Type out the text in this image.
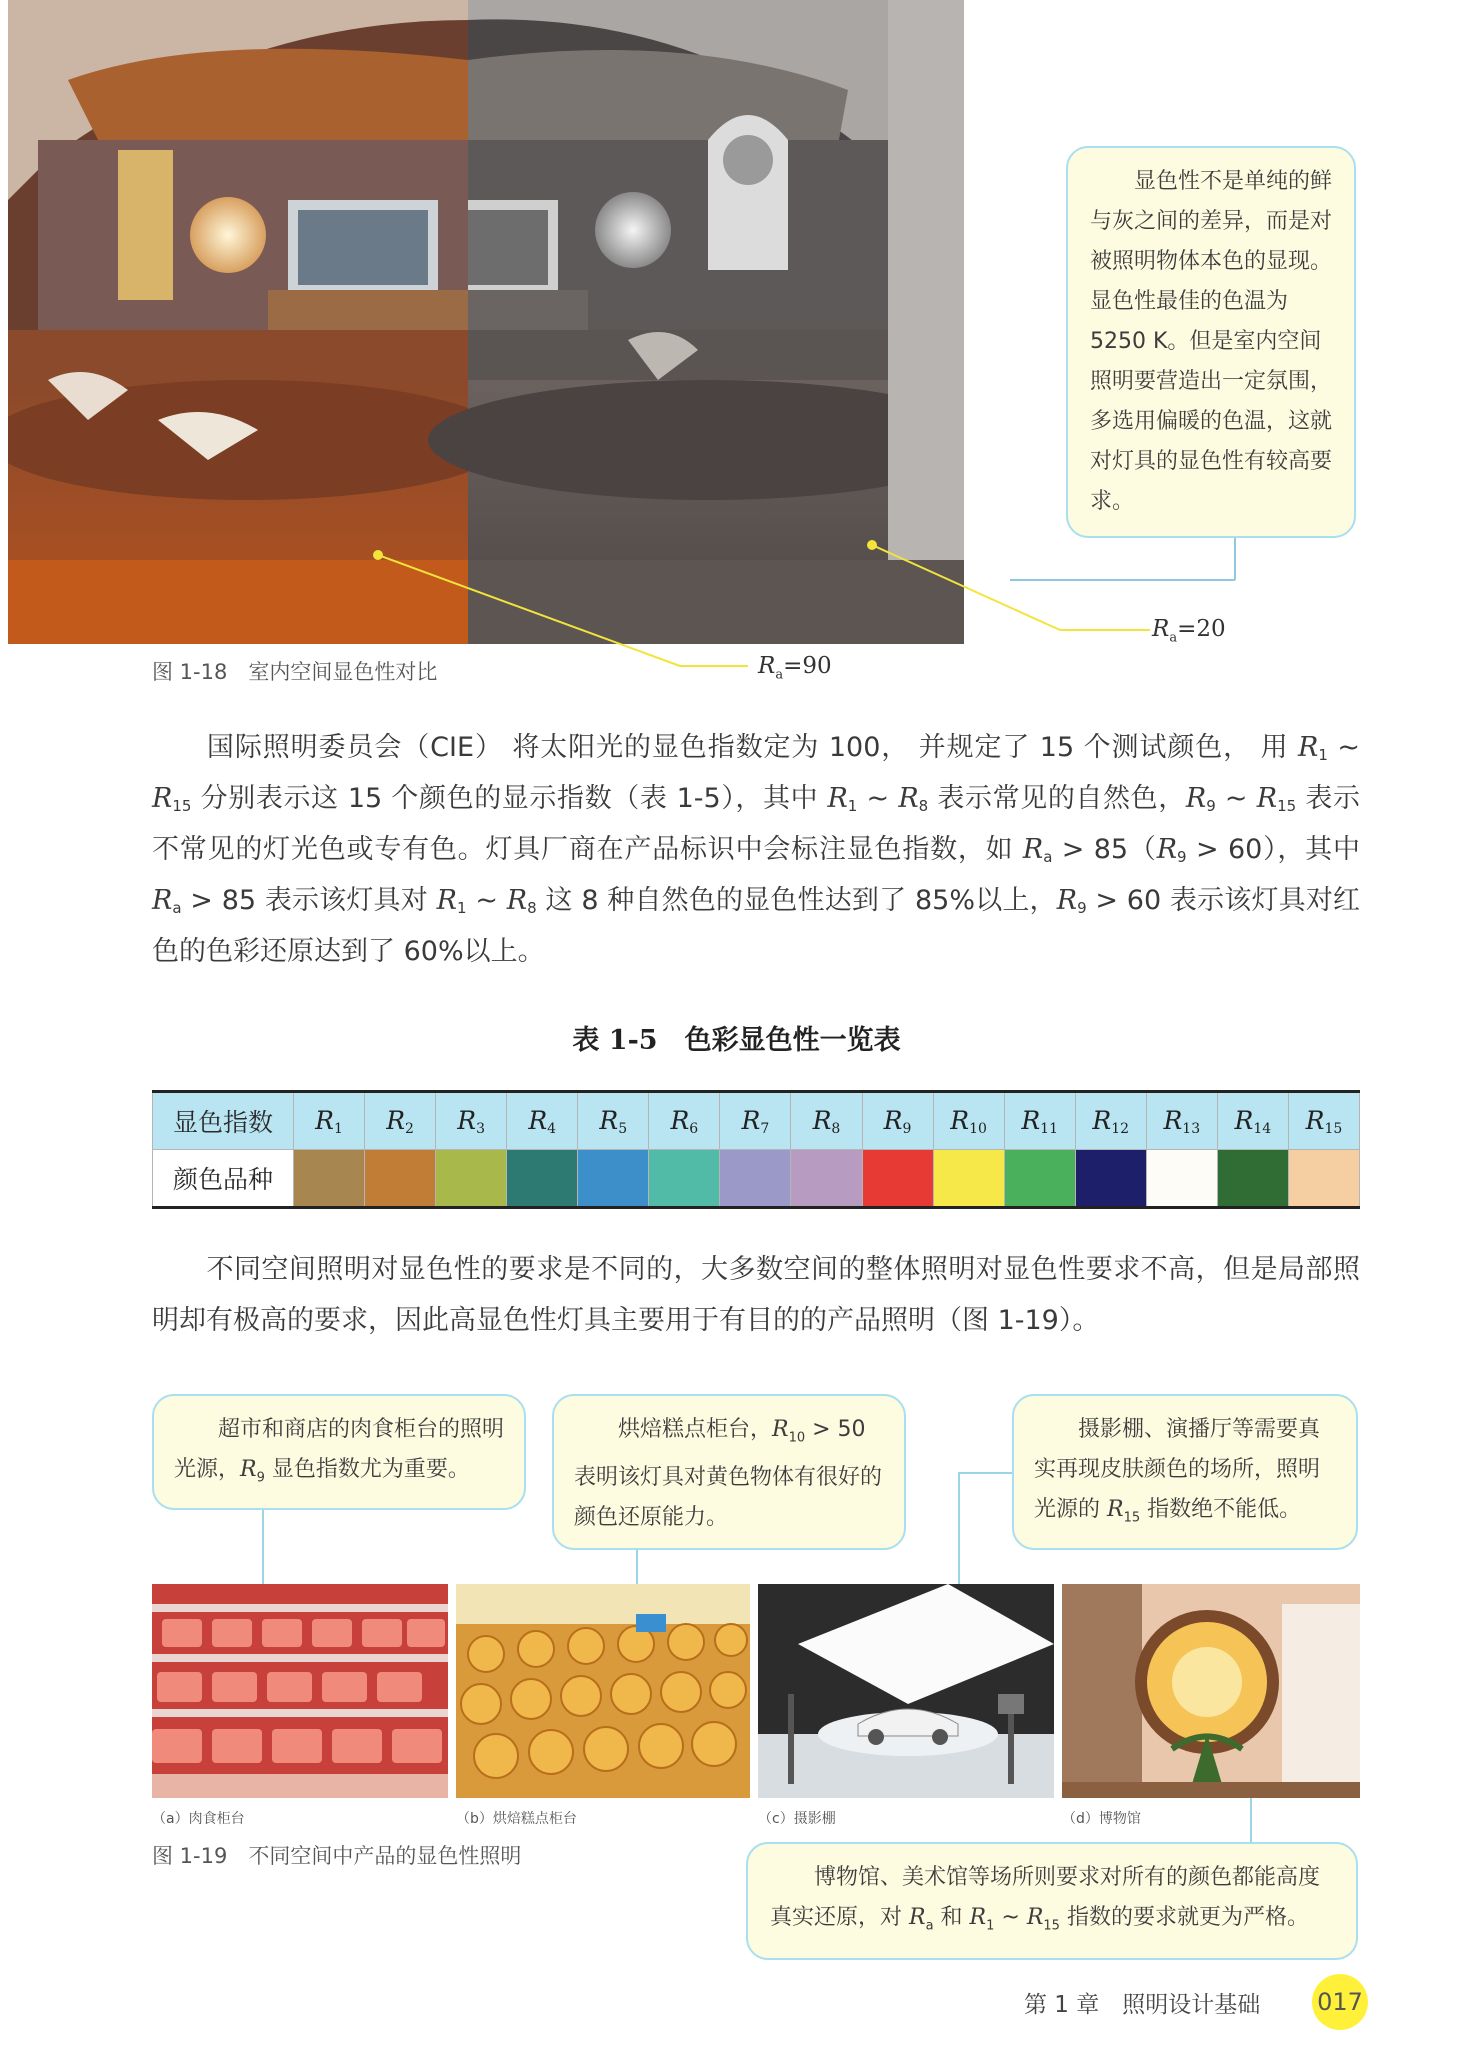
显色性不是单纯的鲜与灰之间的差异，而是对被照明物体本色的显现。显色性最佳的色温为 5250 K。但是室内空间照明要营造出一定氛围，多选用偏暖的色温，这就对灯具的显色性有较高要求。
$R_a=20$
$R_a=90$
图 1-18　室内空间显色性对比
国际照明委员会（CIE） 将太阳光的显色指数定为 100， 并规定了 15 个测试颜色， 用 $R_1$ ~ $R_{15}$ 分别表示这 15 个颜色的显示指数（表 1-5），其中 $R_1$ ~ $R_8$ 表示常见的自然色，$R_9$ ~ $R_{15}$ 表示不常见的灯光色或专有色。灯具厂商在产品标识中会标注显色指数，如 $R_a > 85(R_9 > 60)$，其中 $R_a > 85$ 表示该灯具对 $R_1$ ~ $R_8$ 这 8 种自然色的显色性达到了 85%以上，$R_9 > 60$ 表示该灯具对红色的色彩还原达到了 60%以上。
表 1-5　色彩显色性一览表
显色指数	$R_1$	$R_2$	$R_3$	$R_4$	$R_5$	$R_6$	$R_7$	$R_8$	$R_9$	$R_{10}$	$R_{11}$	$R_{12}$	$R_{13}$	$R_{14}$	$R_{15}$
颜色品种															
不同空间照明对显色性的要求是不同的，大多数空间的整体照明对显色性要求不高，但是局部照明却有极高的要求，因此高显色性灯具主要用于有目的的产品照明（图 1-19）。
超市和商店的肉食柜台的照明光源，$R_9$ 显色指数尤为重要。
烘焙糕点柜台，$R_{10} > 50$ 表明该灯具对黄色物体有很好的颜色还原能力。
摄影棚、演播厅等需要真实再现皮肤颜色的场所，照明光源的 $R_{15}$ 指数绝不能低。
（a）肉食柜台	（b）烘焙糕点柜台	（c）摄影棚	（d）博物馆
图 1-19　不同空间中产品的显色性照明
博物馆、美术馆等场所则要求对所有的颜色都能高度真实还原，对 $R_a$ 和 $R_1$ ~ $R_{15}$ 指数的要求就更为严格。
第 1 章　照明设计基础 017
